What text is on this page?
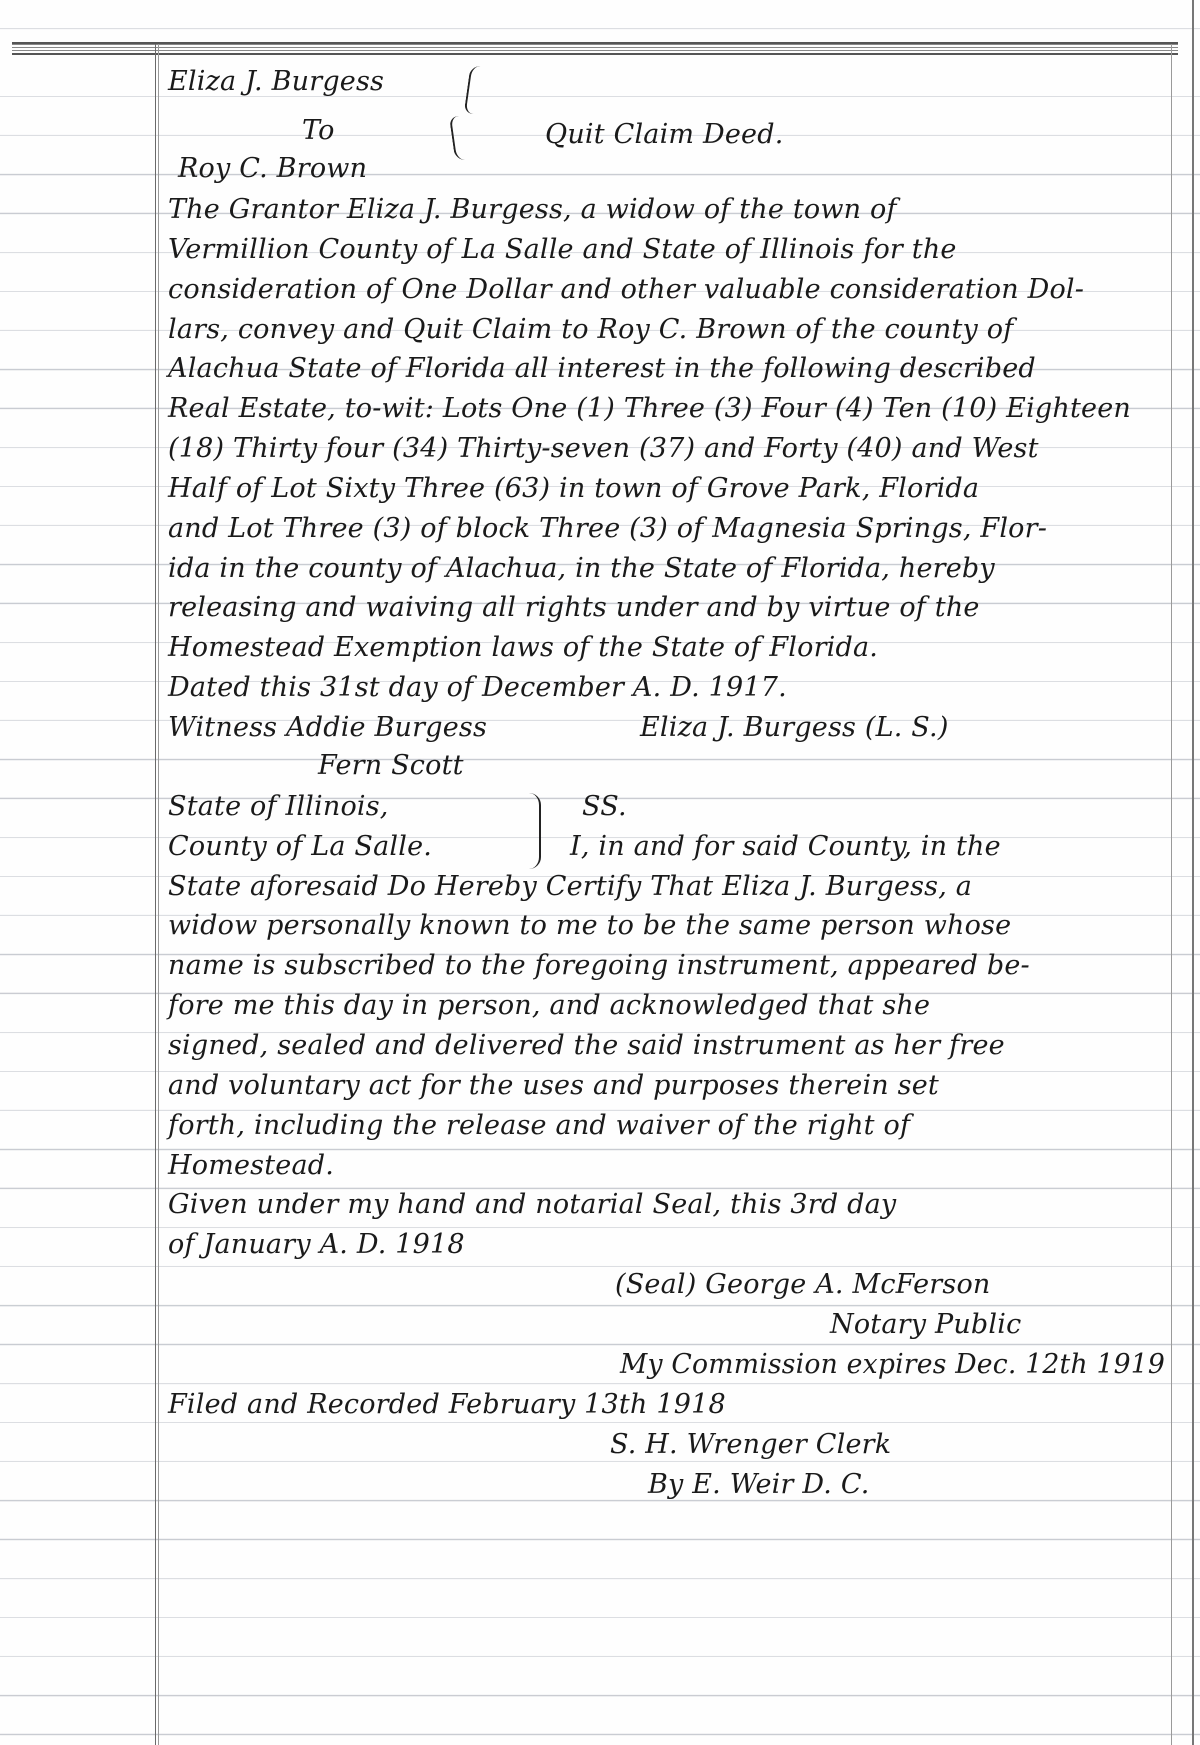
Eliza J. Burgess
To
Roy C. Brown
Quit Claim Deed.
The Grantor Eliza J. Burgess, a widow of the town of
Vermillion County of La Salle and State of Illinois for the
consideration of One Dollar and other valuable consideration Dol-
lars, convey and Quit Claim to Roy C. Brown of the county of
Alachua State of Florida all interest in the following described
Real Estate, to-wit: Lots One (1) Three (3) Four (4) Ten (10) Eighteen
(18) Thirty four (34) Thirty-seven (37) and Forty (40) and West
Half of Lot Sixty Three (63) in town of Grove Park, Florida
and Lot Three (3) of block Three (3) of Magnesia Springs, Flor-
ida in the county of Alachua, in the State of Florida, hereby
releasing and waiving all rights under and by virtue of the
Homestead Exemption laws of the State of Florida.
Dated this 31st day of December A. D. 1917.
Witness Addie Burgess	Eliza J. Burgess (L. S.)
Fern Scott
State of Illinois,
County of La Salle.
SS.
I, in and for said County, in the
State aforesaid Do Hereby Certify That Eliza J. Burgess, a
widow personally known to me to be the same person whose
name is subscribed to the foregoing instrument, appeared be-
fore me this day in person, and acknowledged that she
signed, sealed and delivered the said instrument as her free
and voluntary act for the uses and purposes therein set
forth, including the release and waiver of the right of
Homestead.
Given under my hand and notarial Seal, this 3rd day
of January A. D. 1918
(Seal) George A. McFerson
Notary Public
My Commission expires Dec. 12th 1919
Filed and Recorded February 13th 1918
S. H. Wrenger Clerk
By E. Weir D. C.
